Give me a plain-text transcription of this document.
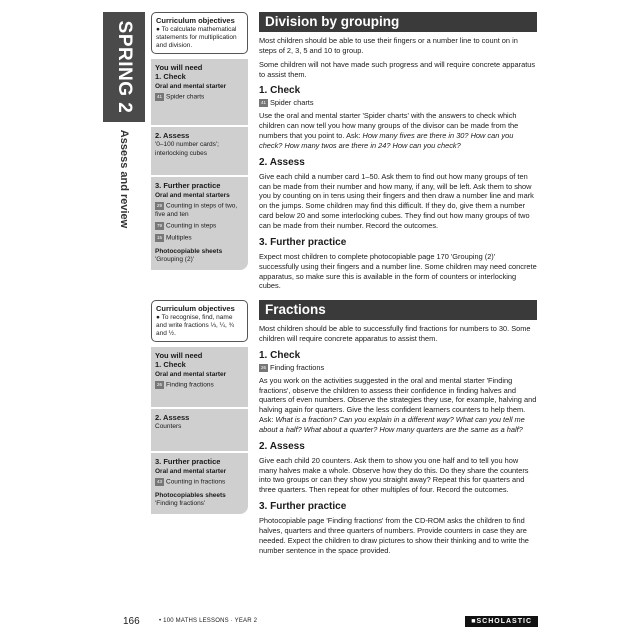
SPRING 2
Assess and review
Curriculum objectives
● To calculate mathematical statements for multiplication and division.
You will need
1. Check
Oral and mental starter
41 Spider charts
2. Assess
'0–100 number cards'; interlocking cubes
3. Further practice
Oral and mental starters
29 Counting in steps of two, five and ten
79 Counting in steps
15 Multiples
Photocopiable sheets
'Grouping (2)'
Division by grouping
Most children should be able to use their fingers or a number line to count on in steps of 2, 3, 5 and 10 to group.
Some children will not have made such progress and will require concrete apparatus to assist them.
1. Check
41 Spider charts
Use the oral and mental starter 'Spider charts' with the answers to check which children can now tell you how many groups of the divisor can be made from the numbers that you point to. Ask: How many fives are there in 30? How can you check? How many twos are there in 24? How can you check?
2. Assess
Give each child a number card 1–50. Ask them to find out how many groups of ten can be made from their number and how many, if any, will be left. Ask them to show you by counting on in tens using their fingers and then draw a number line and mark on the jumps. Some children may find this difficult. If they do, give them a number card below 20 and some interlocking cubes. They find out how many groups of two can be made from their number. Record the outcomes.
3. Further practice
Expect most children to complete photocopiable page 170 'Grouping (2)' successfully using their fingers and a number line. Some children may need concrete apparatus, so make sure this is available in the form of counters or interlocking cubes.
Curriculum objectives
● To recognise, find, name and write fractions ⅓, ¼, ¾ and ½.
You will need
1. Check
Oral and mental starter
26 Finding fractions
2. Assess
Counters
3. Further practice
Oral and mental starter
43 Counting in fractions
Photocopiables sheets
'Finding fractions'
Fractions
Most children should be able to successfully find fractions for numbers to 30. Some children will require concrete apparatus to assist them.
1. Check
26 Finding fractions
As you work on the activities suggested in the oral and mental starter 'Finding fractions', observe the children to assess their confidence in finding halves and quarters of even numbers. Observe the strategies they use, for example, halving and halving again for quarters. Give the less confident learners counters to help them. Ask: What is a fraction? Can you explain in a different way? What can you tell me about a half? What about a quarter? How many quarters are the same as a half?
2. Assess
Give each child 20 counters. Ask them to show you one half and to tell you how many halves make a whole. Observe how they do this. Do they share the counters into two groups or can they show you straight away? Repeat this for quarters and three quarters. Then repeat for other multiples of four. Record the outcomes.
3. Further practice
Photocopiable page 'Finding fractions' from the CD-ROM asks the children to find halves, quarters and three quarters of numbers. Provide counters in case they are needed. Expect the children to draw pictures to show their thinking and to write the number sentence in the space provided.
166	• 100 MATHS LESSONS · YEAR 2	■SCHOLASTIC
